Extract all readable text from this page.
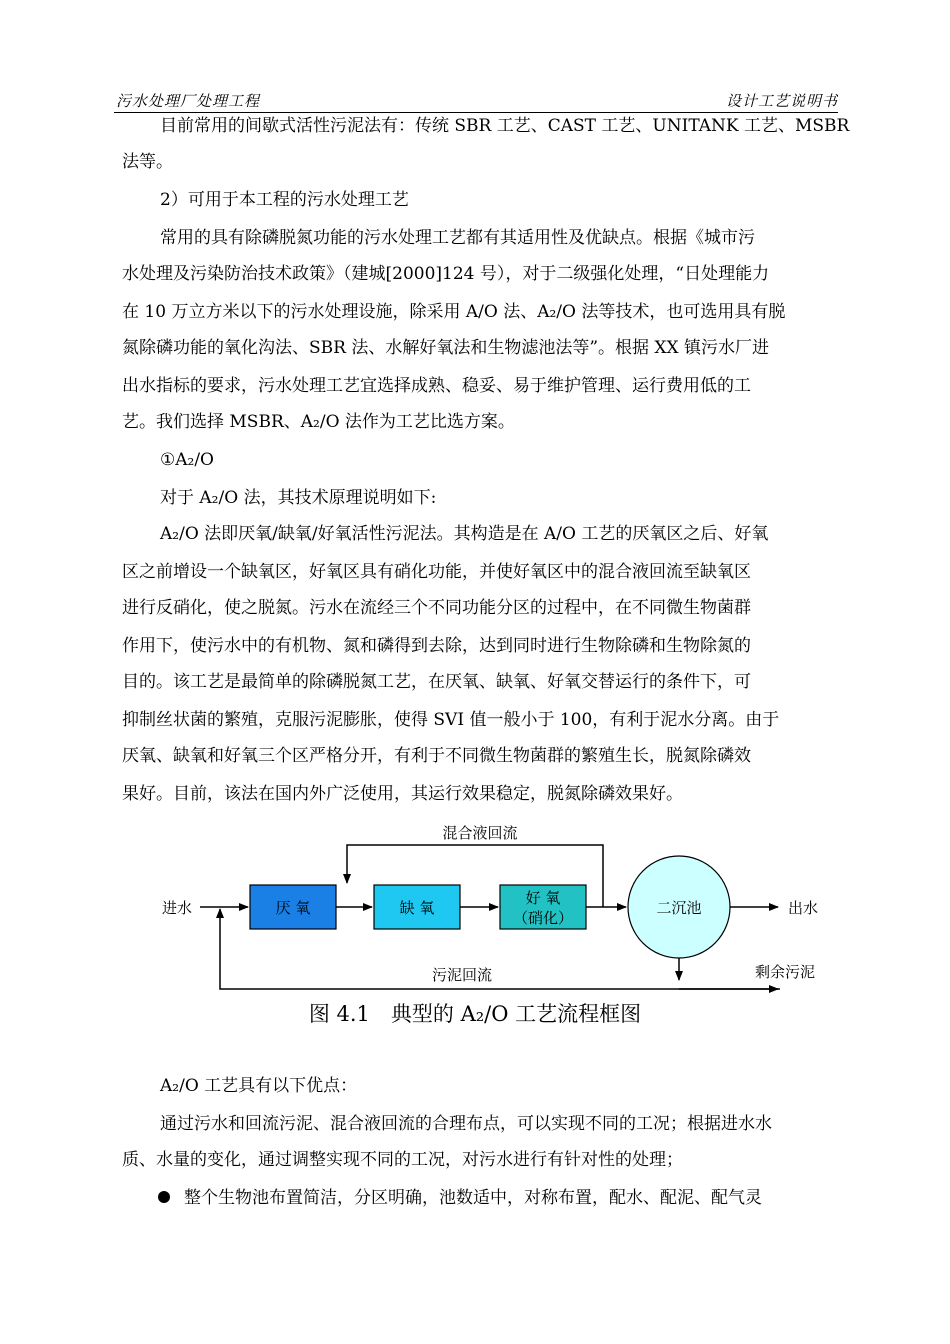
污水处理厂处理工程	设计工艺说明书

目前常用的间歇式活性污泥法有：传统 SBR 工艺、CAST 工艺、UNITANK 工艺、MSBR

法等。

2）可用于本工程的污水处理工艺

常用的具有除磷脱氮功能的污水处理工艺都有其适用性及优缺点。根据《城市污

水处理及污染防治技术政策》（建城[2000]124 号），对于二级强化处理，“日处理能力

在 10 万立方米以下的污水处理设施，除采用 A/O 法、A₂/O 法等技术，也可选用具有脱

氮除磷功能的氧化沟法、SBR 法、水解好氧法和生物滤池法等”。根据 XX 镇污水厂进

出水指标的要求，污水处理工艺宜选择成熟、稳妥、易于维护管理、运行费用低的工

艺。我们选择 MSBR、A₂/O 法作为工艺比选方案。

①A₂/O

对于 A₂/O 法，其技术原理说明如下:

A₂/O 法即厌氧/缺氧/好氧活性污泥法。其构造是在 A/O 工艺的厌氧区之后、好氧

区之前增设一个缺氧区，好氧区具有硝化功能，并使好氧区中的混合液回流至缺氧区

进行反硝化，使之脱氮。污水在流经三个不同功能分区的过程中，在不同微生物菌群

作用下，使污水中的有机物、氮和磷得到去除，达到同时进行生物除磷和生物除氮的

目的。该工艺是最简单的除磷脱氮工艺，在厌氧、缺氧、好氧交替运行的条件下，可

抑制丝状菌的繁殖，克服污泥膨胀，使得 SVI 值一般小于 100，有利于泥水分离。由于

厌氧、缺氧和好氧三个区严格分开，有利于不同微生物菌群的繁殖生长，脱氮除磷效

果好。目前，该法在国内外广泛使用，其运行效果稳定，脱氮除磷效果好。

进水	厌 氧	缺 氧
好 氧
（硝化）
二沉池	出水
混合液回流
污泥回流	剩余污泥
图 4.1　典型的 A₂/O 工艺流程框图

A₂/O 工艺具有以下优点：

通过污水和回流污泥、混合液回流的合理布点，可以实现不同的工况；根据进水水

质、水量的变化，通过调整实现不同的工况，对污水进行有针对性的处理；

整个生物池布置简洁，分区明确，池数适中，对称布置，配水、配泥、配气灵
